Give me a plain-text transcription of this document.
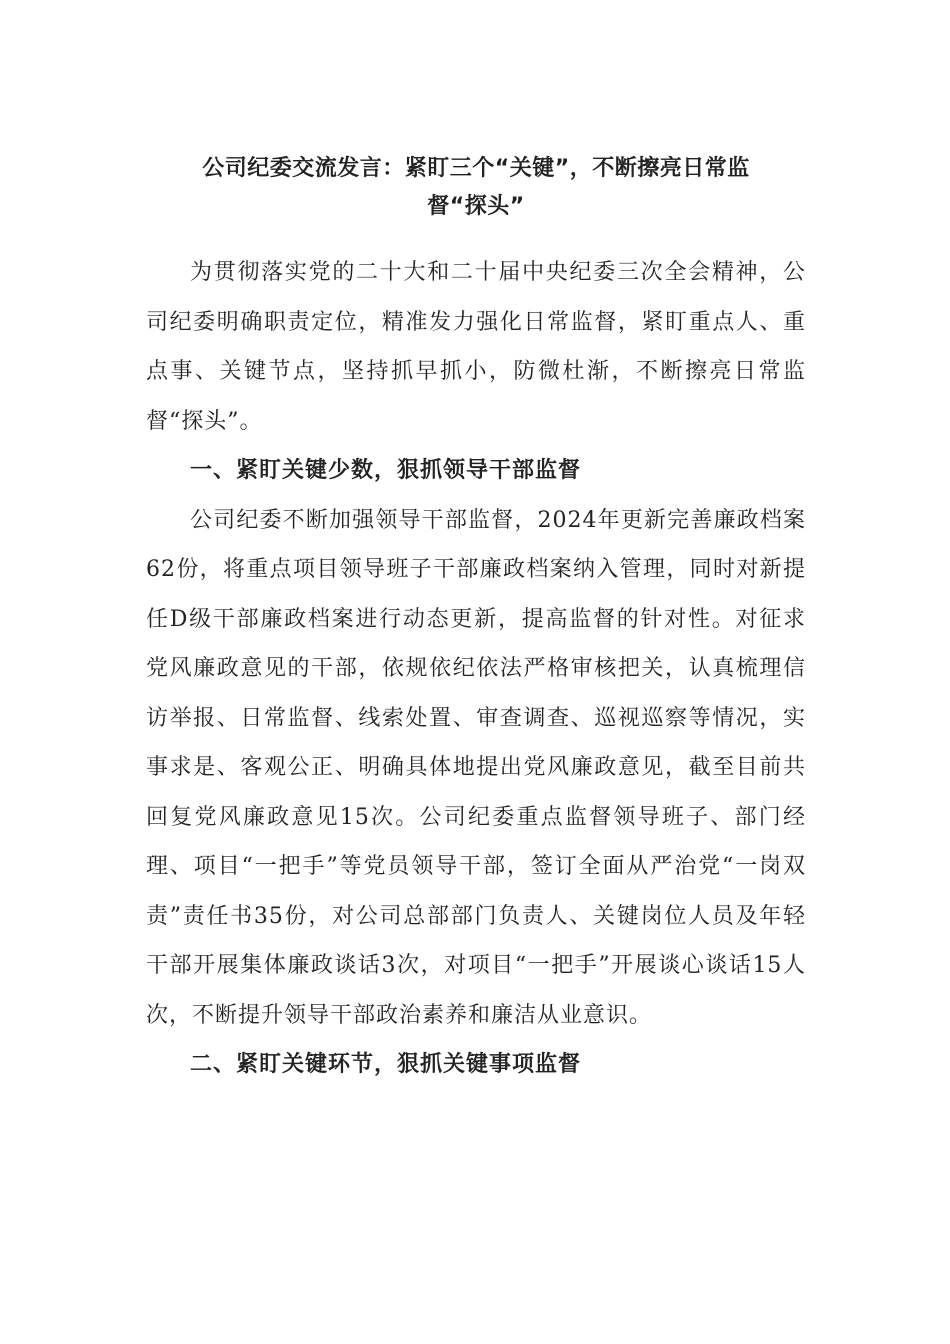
公司纪委交流发言：紧盯三个“关键”，不断擦亮日常监
督“探头”

为贯彻落实党的二十大和二十届中央纪委三次全会精神，公司纪委明确职责定位，精准发力强化日常监督，紧盯重点人、重点事、关键节点，坚持抓早抓小，防微杜渐，不断擦亮日常监督“探头”。

一、紧盯关键少数，狠抓领导干部监督

公司纪委不断加强领导干部监督，2024年更新完善廉政档案62份，将重点项目领导班子干部廉政档案纳入管理，同时对新提任D级干部廉政档案进行动态更新，提高监督的针对性。对征求党风廉政意见的干部，依规依纪依法严格审核把关，认真梳理信访举报、日常监督、线索处置、审查调查、巡视巡察等情况，实事求是、客观公正、明确具体地提出党风廉政意见，截至目前共回复党风廉政意见15次。公司纪委重点监督领导班子、部门经理、项目“一把手”等党员领导干部，签订全面从严治党“一岗双责”责任书35份，对公司总部部门负责人、关键岗位人员及年轻干部开展集体廉政谈话3次，对项目“一把手”开展谈心谈话15人次，不断提升领导干部政治素养和廉洁从业意识。

二、紧盯关键环节，狠抓关键事项监督
